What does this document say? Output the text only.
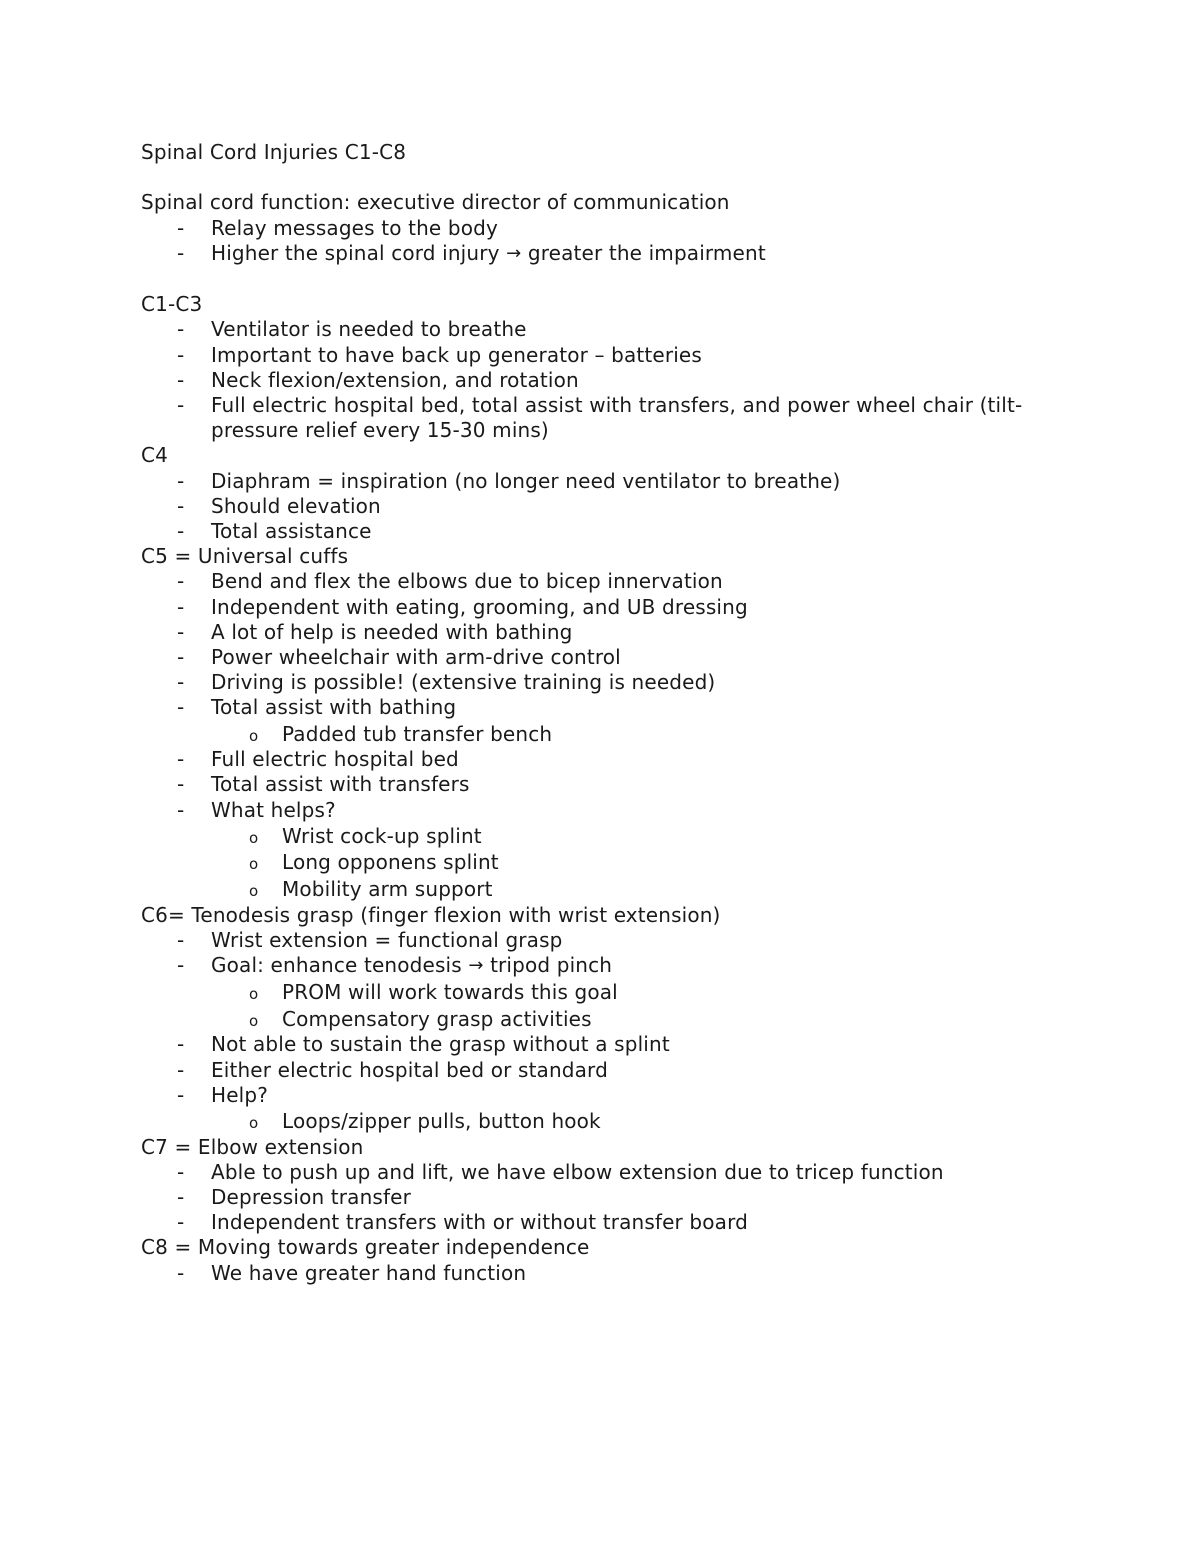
Spinal Cord Injuries C1-C8

Spinal cord function: executive director of communication

- Relay messages to the body

- Higher the spinal cord injury → greater the impairment

C1-C3

- Ventilator is needed to breathe

- Important to have back up generator – batteries

- Neck flexion/extension, and rotation

- Full electric hospital bed, total assist with transfers, and power wheel chair (tilt-pressure relief every 15-30 mins)

C4

- Diaphram = inspiration (no longer need ventilator to breathe)

- Should elevation

- Total assistance

C5 = Universal cuffs

- Bend and flex the elbows due to bicep innervation

- Independent with eating, grooming, and UB dressing

- A lot of help is needed with bathing

- Power wheelchair with arm-drive control

- Driving is possible! (extensive training is needed)

- Total assist with bathing

o Padded tub transfer bench

- Full electric hospital bed

- Total assist with transfers

- What helps?

o Wrist cock-up splint

o Long opponens splint

o Mobility arm support

C6= Tenodesis grasp (finger flexion with wrist extension)

- Wrist extension = functional grasp

- Goal: enhance tenodesis → tripod pinch

o PROM will work towards this goal

o Compensatory grasp activities

- Not able to sustain the grasp without a splint

- Either electric hospital bed or standard

- Help?

o Loops/zipper pulls, button hook

C7 = Elbow extension

- Able to push up and lift, we have elbow extension due to tricep function

- Depression transfer

- Independent transfers with or without transfer board

C8 = Moving towards greater independence

- We have greater hand function
